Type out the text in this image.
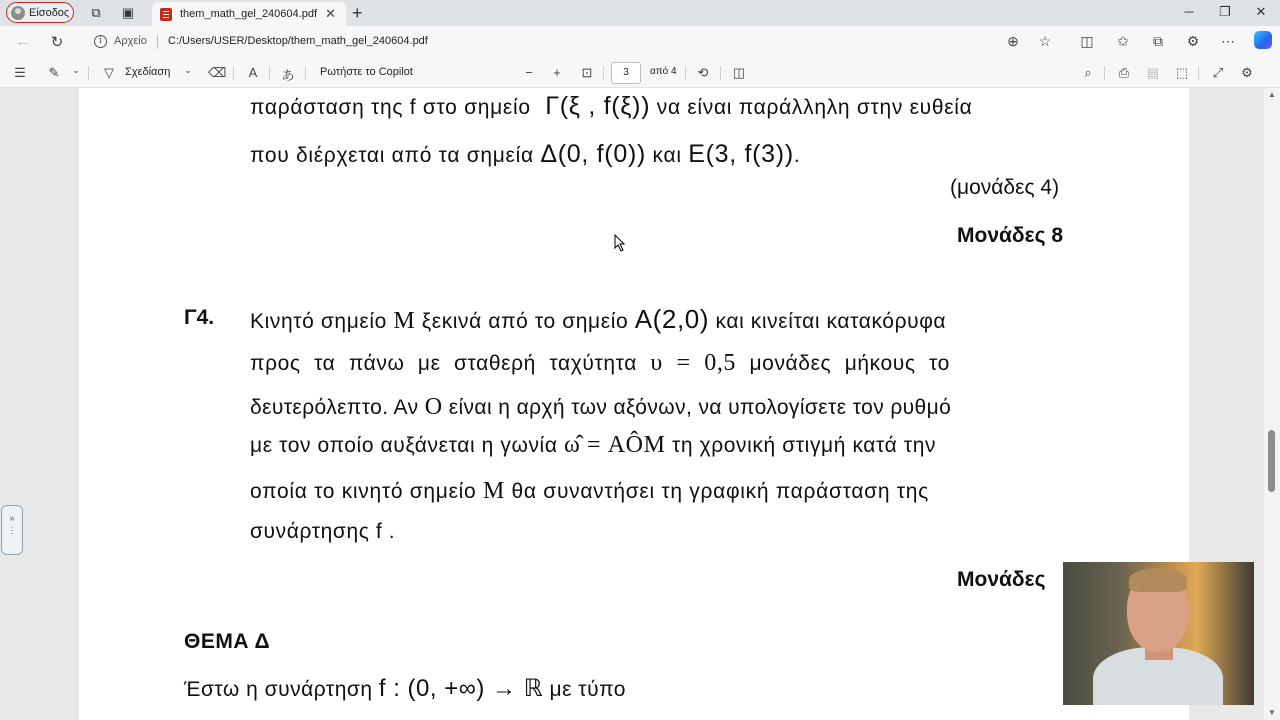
Είσοδος ⧉ ▣	them_math_gel_240604.pdf ✕ +	─	❐	✕
← ↻	i	Αρχείο C:/Users/USER/Desktop/them_math_gel_240604.pdf	⊕ ☆ ◫ ✩ ⧉ ⚙ ⋯
☰ ✎	⌄	▽ Σχεδίαση	⌄	⌫ A あ Ρωτήστε το Copilot	−	+	⊡	3	από 4 ⟲ ◫	⌕	⎙ ▤ ⬚ ⤢ ⚙
παράσταση της f στο σημείο Γ(ξ , f(ξ)) να είναι παράλληλη στην ευθεία
που διέρχεται από τα σημεία Δ(0, f(0)) και Ε(3, f(3)).
(μονάδες 4)
Μονάδες 8
Γ4. Κινητό σημείο M ξεκινά από το σημείο A(2,0) και κινείται κατακόρυφα
προς τα πάνω με σταθερή ταχύτητα υ = 0,5 μονάδες μήκους το
δευτερόλεπτο. Αν O είναι η αρχή των αξόνων, να υπολογίσετε τον ρυθμό
με τον οποίο αυξάνεται η γωνία ω̂ = AÔM τη χρονική στιγμή κατά την
οποία το κινητό σημείο M θα συναντήσει τη γραφική παράσταση της
συνάρτησης f .
Μονάδες
ΘΕΜΑ Δ
Έστω η συνάρτηση f : (0, +∞) → ℝ με τύπο
▲
▼
»
⋮
